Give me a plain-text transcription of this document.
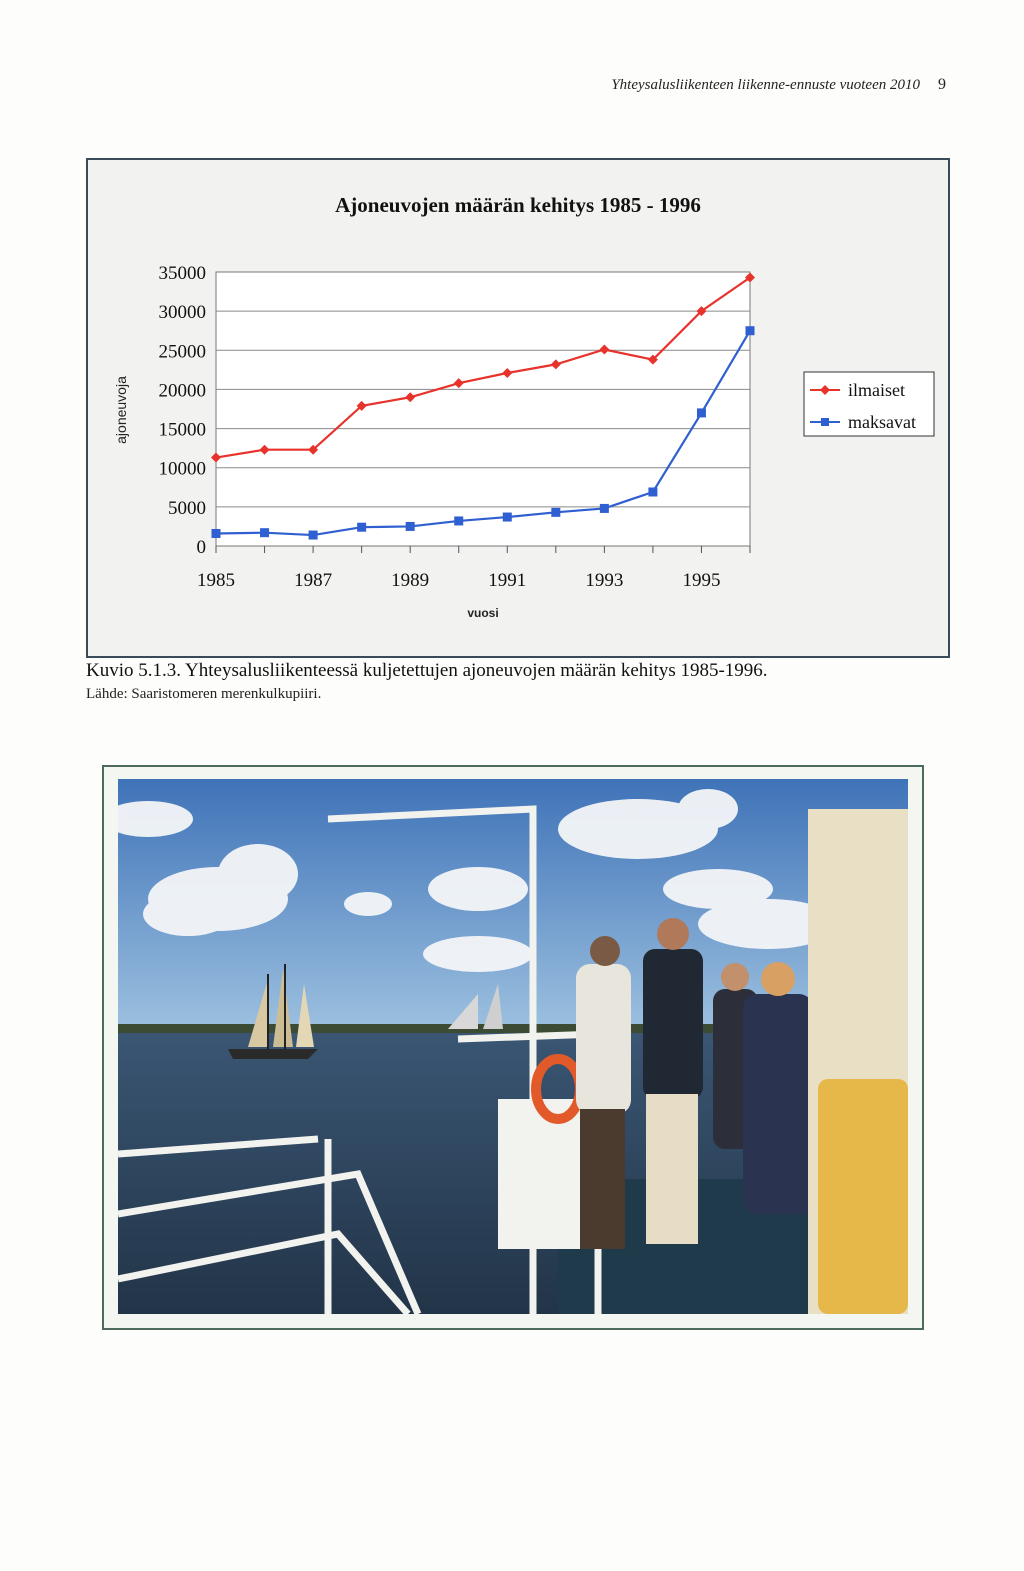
Yhteysalusliikenteen liikenne-ennuste vuoteen 2010 9
Ajoneuvojen määrän kehitys 1985 - 1996
0
5000
10000
15000
20000
25000
30000
35000
1985	1987	1989	1991	1993	1995
ajoneuvoja
vuosi
ilmaiset
maksavat
Kuvio 5.1.3. Yhteysalusliikenteessä kuljetettujen ajoneuvojen määrän kehitys 1985-1996.
Lähde: Saaristomeren merenkulkupiiri.
